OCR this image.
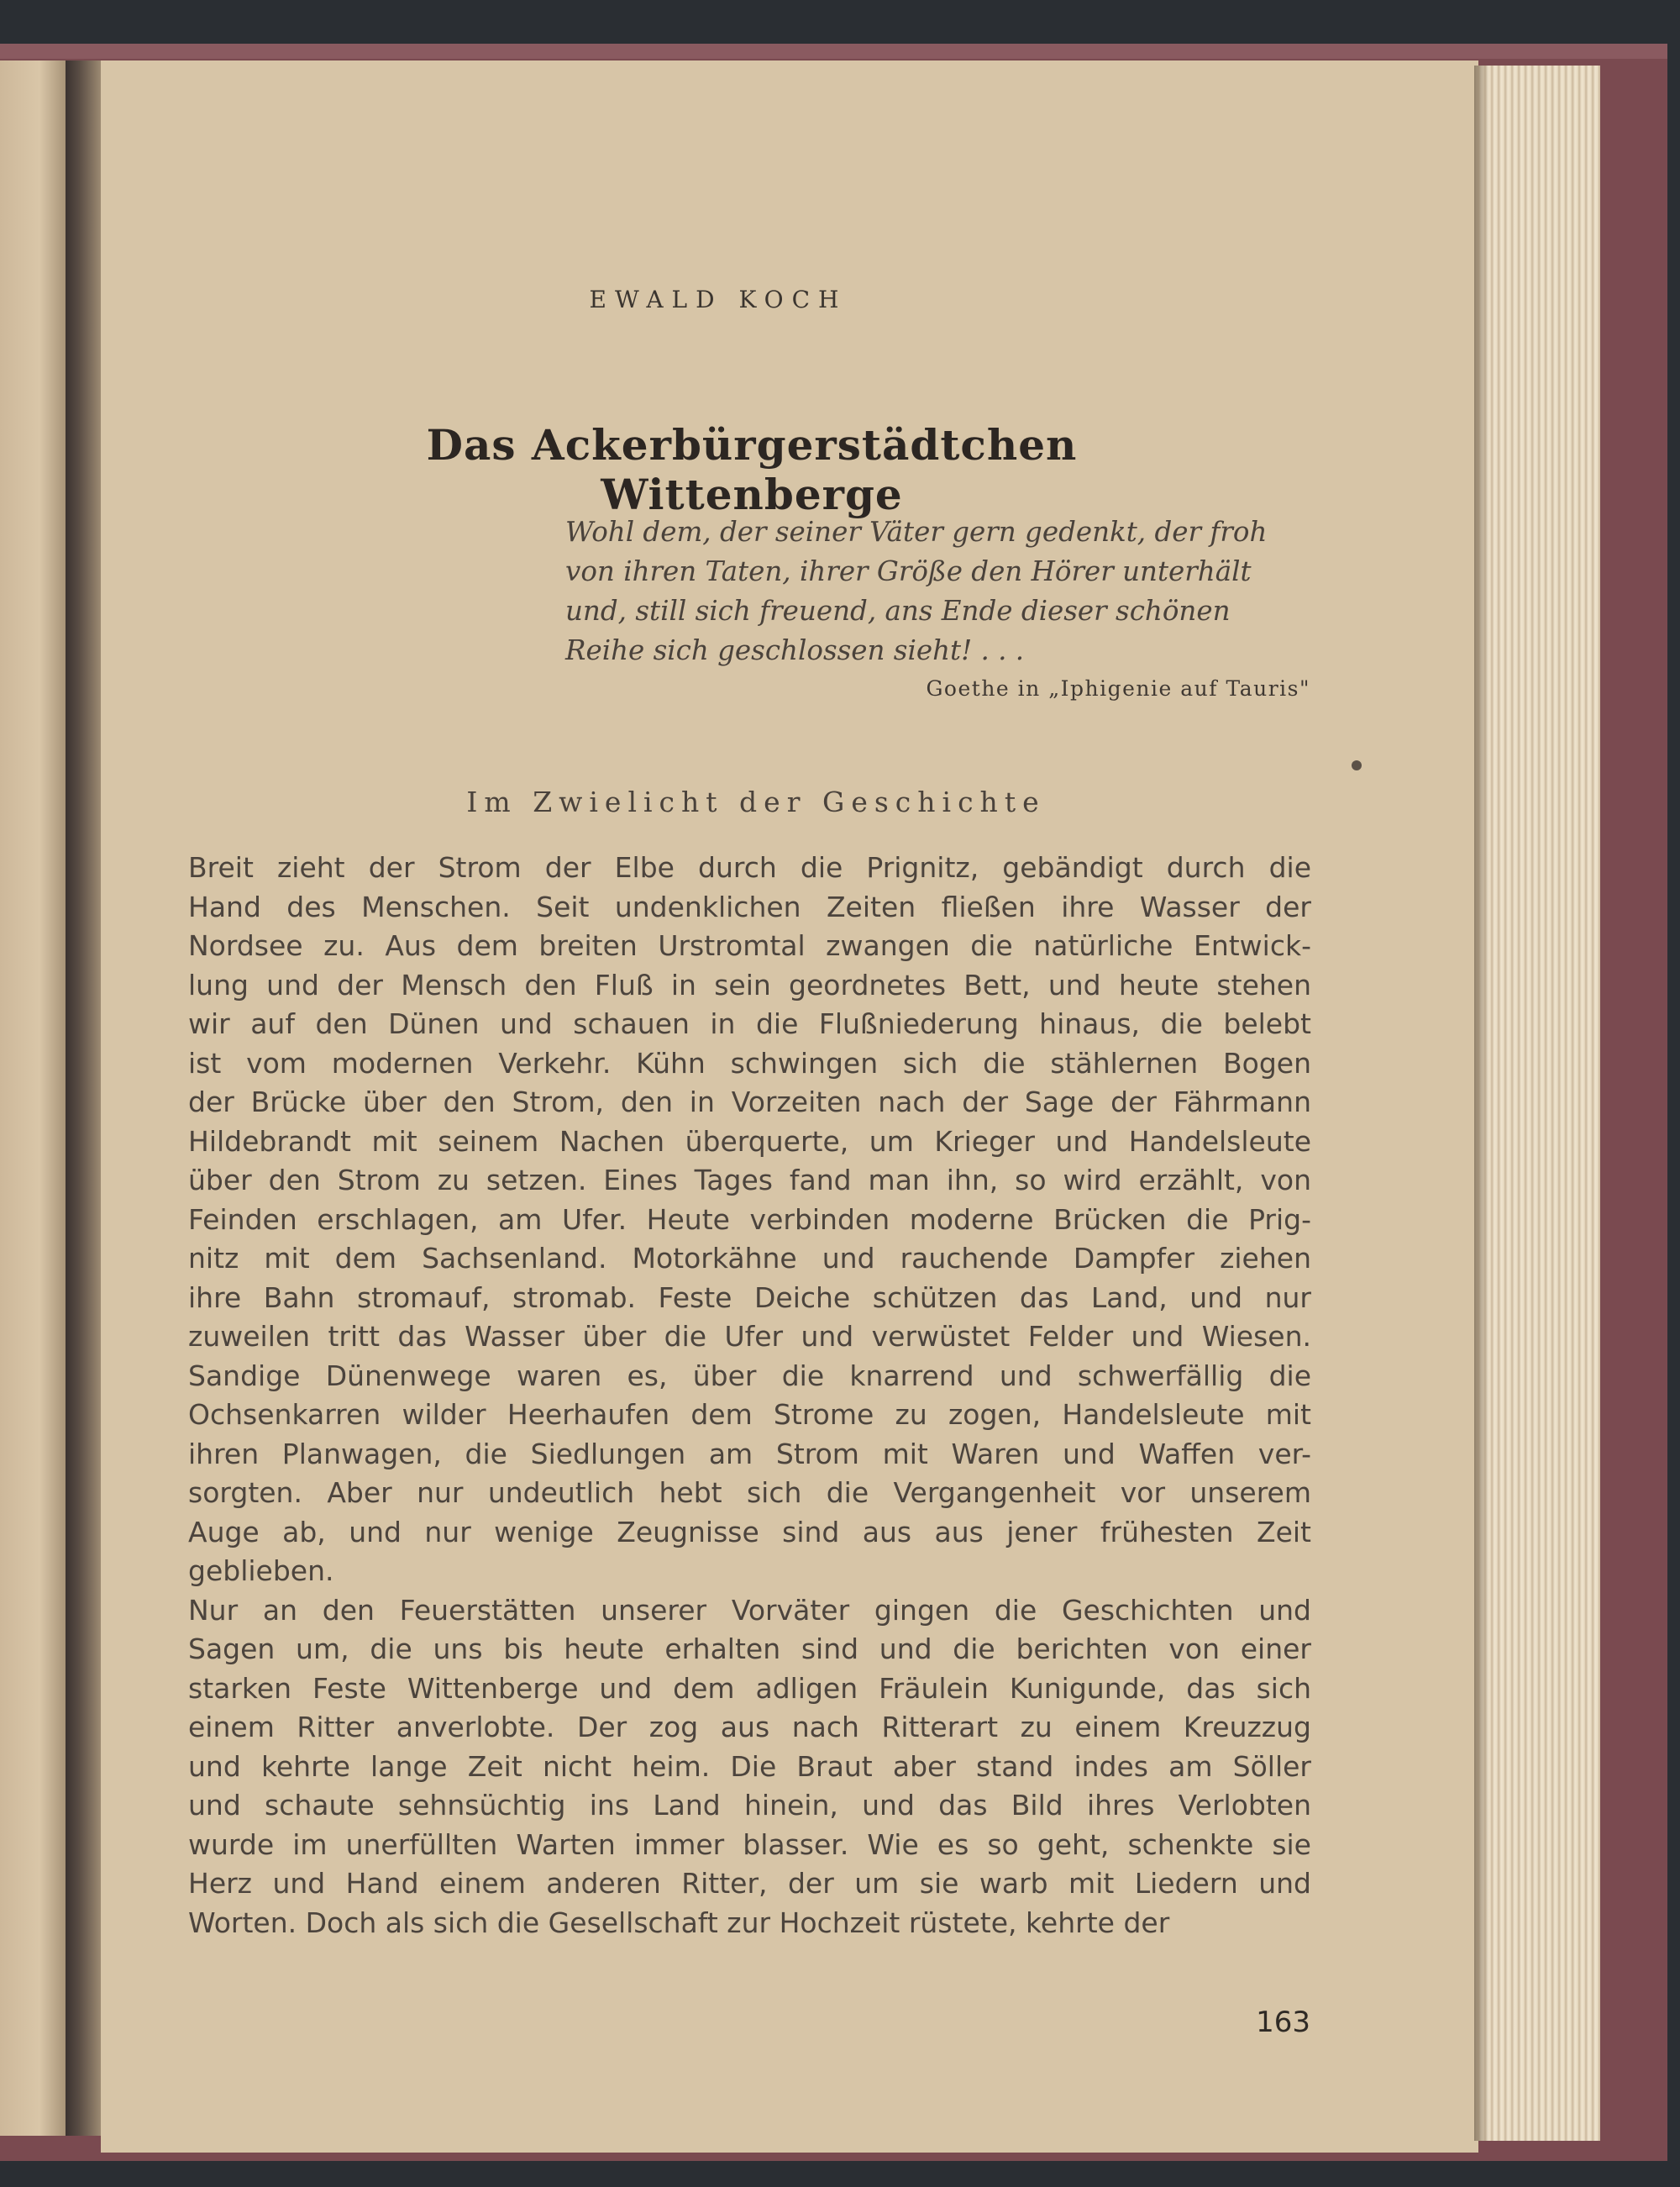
EWALD KOCH
Das Ackerbürgerstädtchen Wittenberge
Wohl dem, der seiner Väter gern gedenkt, der froh
von ihren Taten, ihrer Größe den Hörer unterhält
und, still sich freuend, ans Ende dieser schönen
Reihe sich geschlossen sieht! . . .
Goethe in „Iphigenie auf Tauris"
Im Zwielicht der Geschichte
Breit zieht der Strom der Elbe durch die Prignitz, gebändigt durch die
Hand des Menschen. Seit undenklichen Zeiten fließen ihre Wasser der
Nordsee zu. Aus dem breiten Urstromtal zwangen die natürliche Entwick-
lung und der Mensch den Fluß in sein geordnetes Bett, und heute stehen
wir auf den Dünen und schauen in die Flußniederung hinaus, die belebt
ist vom modernen Verkehr. Kühn schwingen sich die stählernen Bogen
der Brücke über den Strom, den in Vorzeiten nach der Sage der Fährmann
Hildebrandt mit seinem Nachen überquerte, um Krieger und Handelsleute
über den Strom zu setzen. Eines Tages fand man ihn, so wird erzählt, von
Feinden erschlagen, am Ufer. Heute verbinden moderne Brücken die Prig-
nitz mit dem Sachsenland. Motorkähne und rauchende Dampfer ziehen
ihre Bahn stromauf, stromab. Feste Deiche schützen das Land, und nur
zuweilen tritt das Wasser über die Ufer und verwüstet Felder und Wiesen.
Sandige Dünenwege waren es, über die knarrend und schwerfällig die
Ochsenkarren wilder Heerhaufen dem Strome zu zogen, Handelsleute mit
ihren Planwagen, die Siedlungen am Strom mit Waren und Waffen ver-
sorgten. Aber nur undeutlich hebt sich die Vergangenheit vor unserem
Auge ab, und nur wenige Zeugnisse sind aus aus jener frühesten Zeit
geblieben.
Nur an den Feuerstätten unserer Vorväter gingen die Geschichten und
Sagen um, die uns bis heute erhalten sind und die berichten von einer
starken Feste Wittenberge und dem adligen Fräulein Kunigunde, das sich
einem Ritter anverlobte. Der zog aus nach Ritterart zu einem Kreuzzug
und kehrte lange Zeit nicht heim. Die Braut aber stand indes am Söller
und schaute sehnsüchtig ins Land hinein, und das Bild ihres Verlobten
wurde im unerfüllten Warten immer blasser. Wie es so geht, schenkte sie
Herz und Hand einem anderen Ritter, der um sie warb mit Liedern und
Worten. Doch als sich die Gesellschaft zur Hochzeit rüstete, kehrte der
163
